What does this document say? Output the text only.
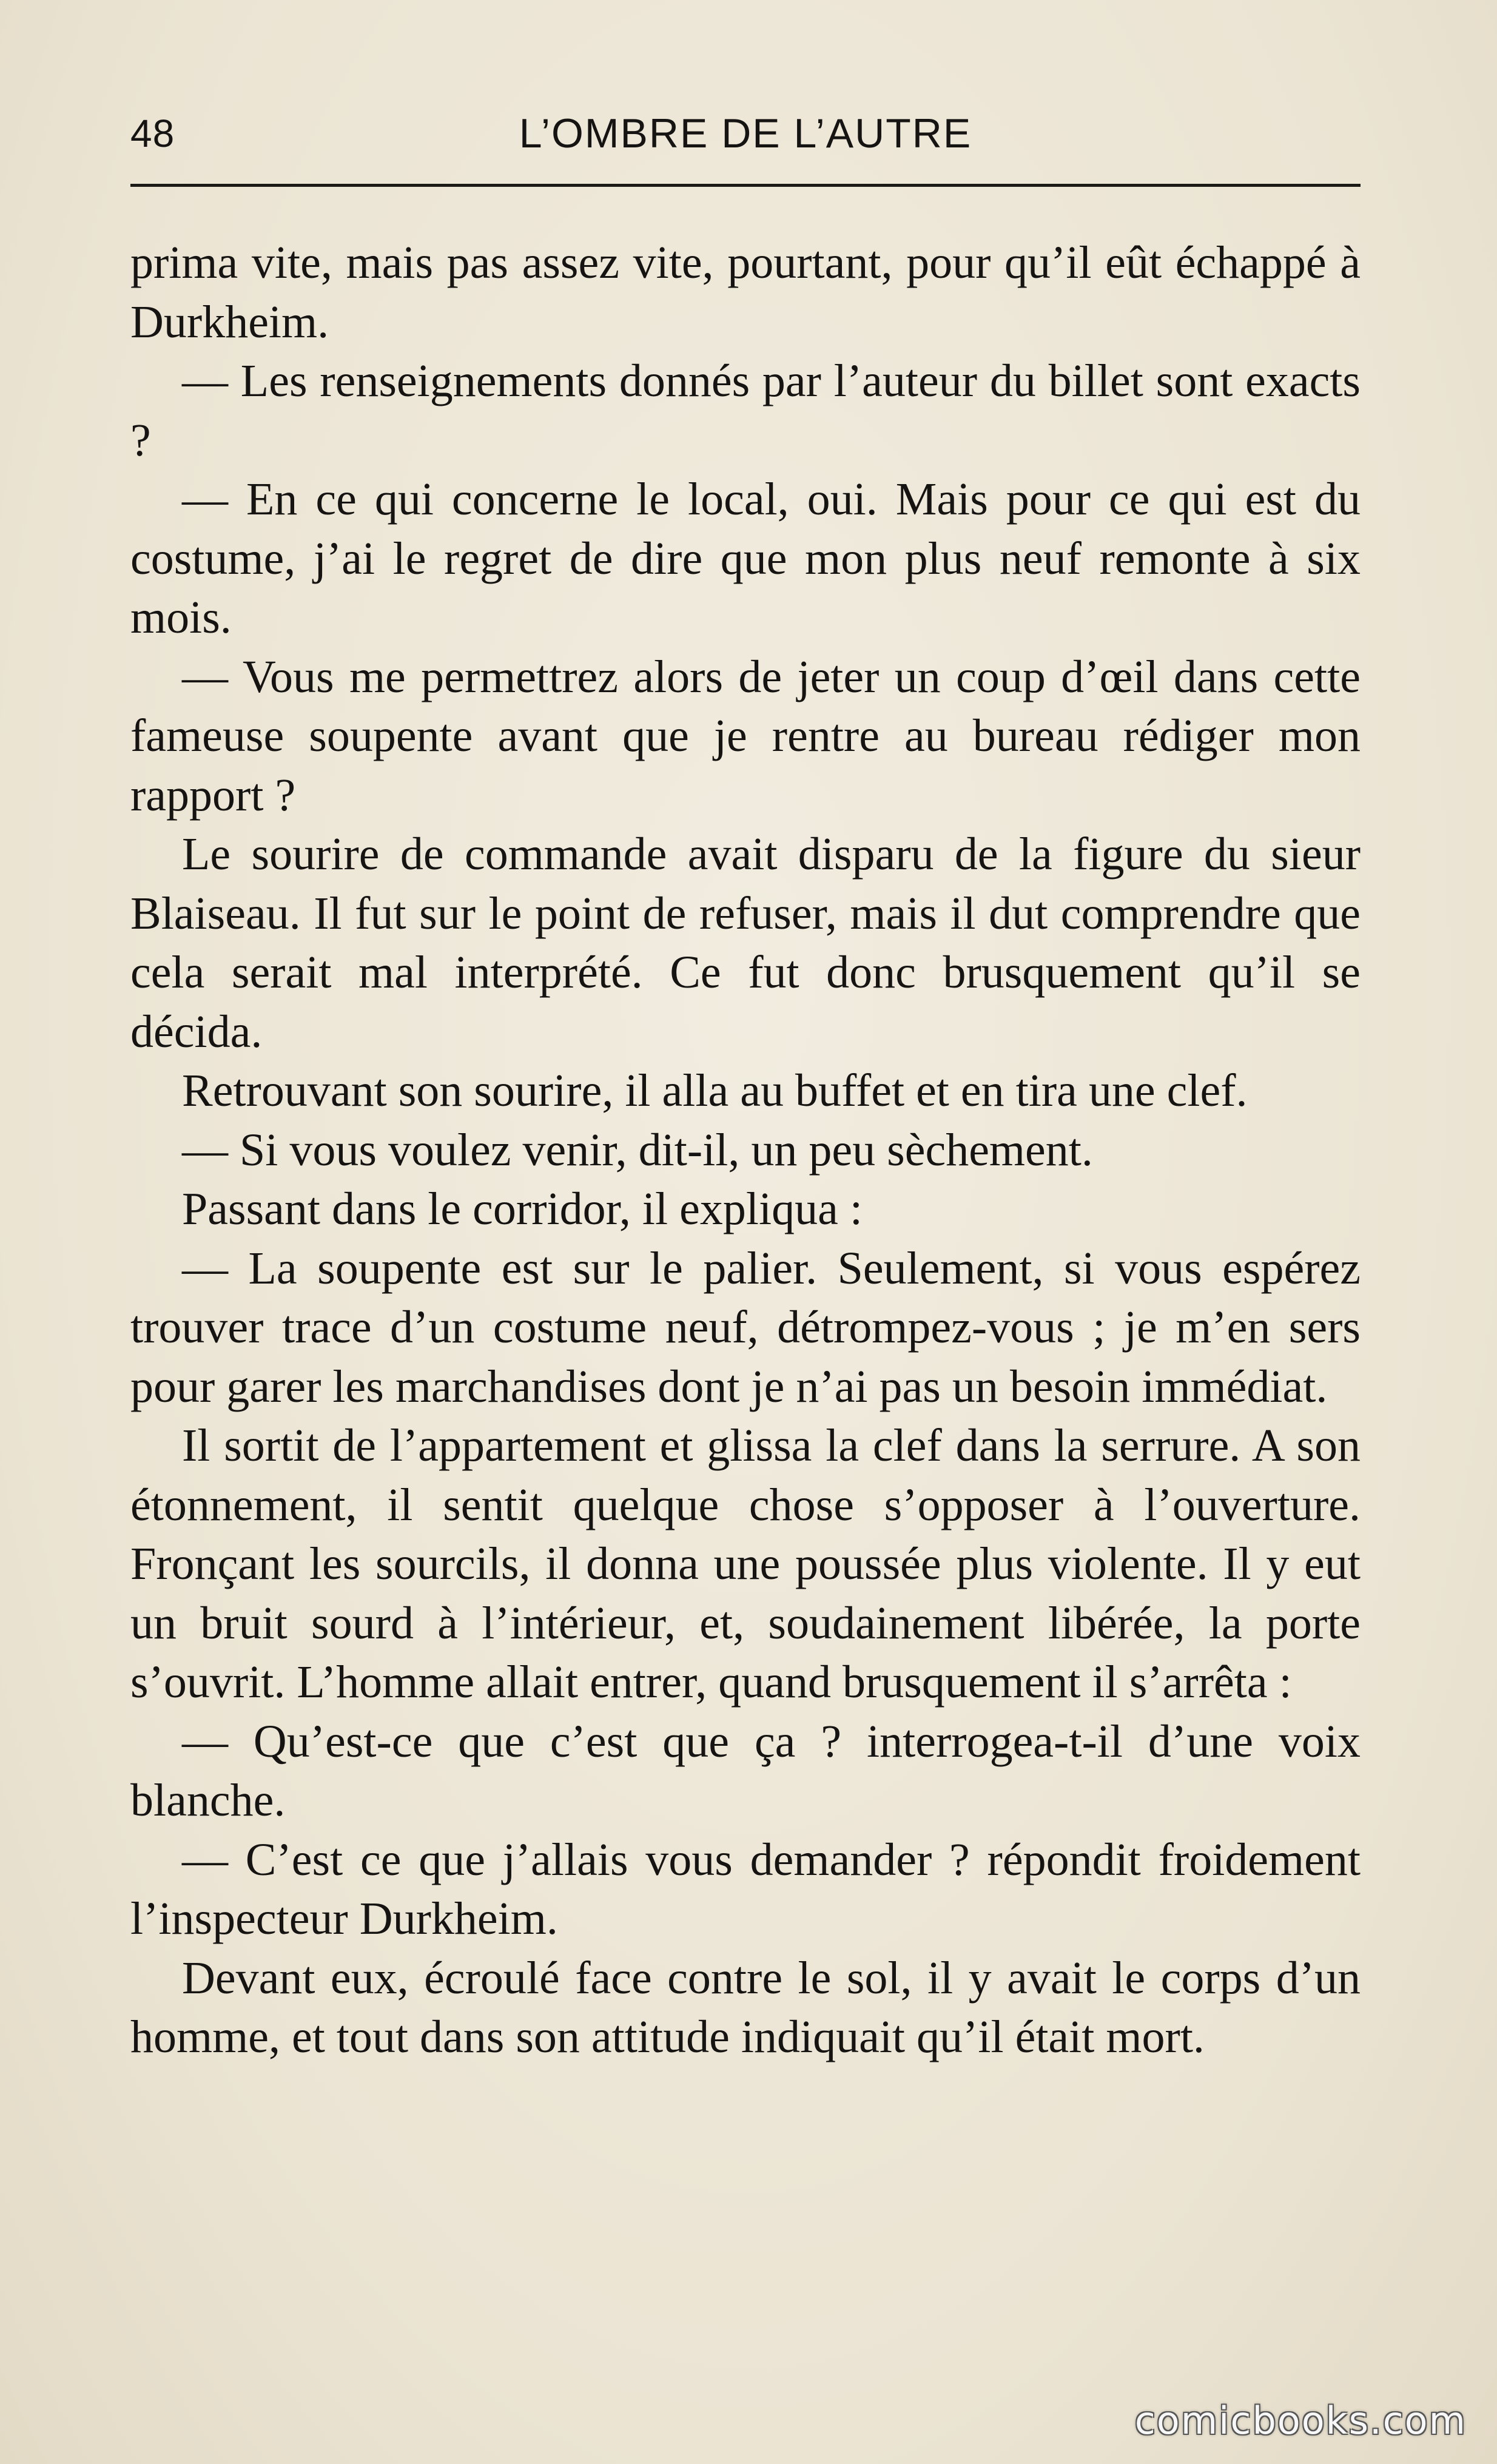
48	L’OMBRE DE L’AUTRE

prima vite, mais pas assez vite, pourtant, pour qu’il eût échappé à Durkheim.

— Les renseignements donnés par l’auteur du billet sont exacts ?

— En ce qui concerne le local, oui. Mais pour ce qui est du costume, j’ai le regret de dire que mon plus neuf remonte à six mois.

— Vous me permettrez alors de jeter un coup d’œil dans cette fameuse soupente avant que je rentre au bureau rédiger mon rapport ?

Le sourire de commande avait disparu de la figure du sieur Blaiseau. Il fut sur le point de refuser, mais il dut comprendre que cela serait mal interprété. Ce fut donc brusquement qu’il se décida.

Retrouvant son sourire, il alla au buffet et en tira une clef.

— Si vous voulez venir, dit-il, un peu sèchement.

Passant dans le corridor, il expliqua :

— La soupente est sur le palier. Seulement, si vous espérez trouver trace d’un costume neuf, détrompez-vous ; je m’en sers pour garer les marchandises dont je n’ai pas un besoin immédiat.

Il sortit de l’appartement et glissa la clef dans la serrure. A son étonnement, il sentit quelque chose s’opposer à l’ouverture. Fronçant les sourcils, il donna une poussée plus violente. Il y eut un bruit sourd à l’intérieur, et, soudainement libérée, la porte s’ouvrit. L’homme allait entrer, quand brusquement il s’arrêta :

— Qu’est-ce que c’est que ça ? interrogea-t-il d’une voix blanche.

— C’est ce que j’allais vous demander ? répondit froidement l’inspecteur Durkheim.

Devant eux, écroulé face contre le sol, il y avait le corps d’un homme, et tout dans son attitude indiquait qu’il était mort.

comicbooks.com
